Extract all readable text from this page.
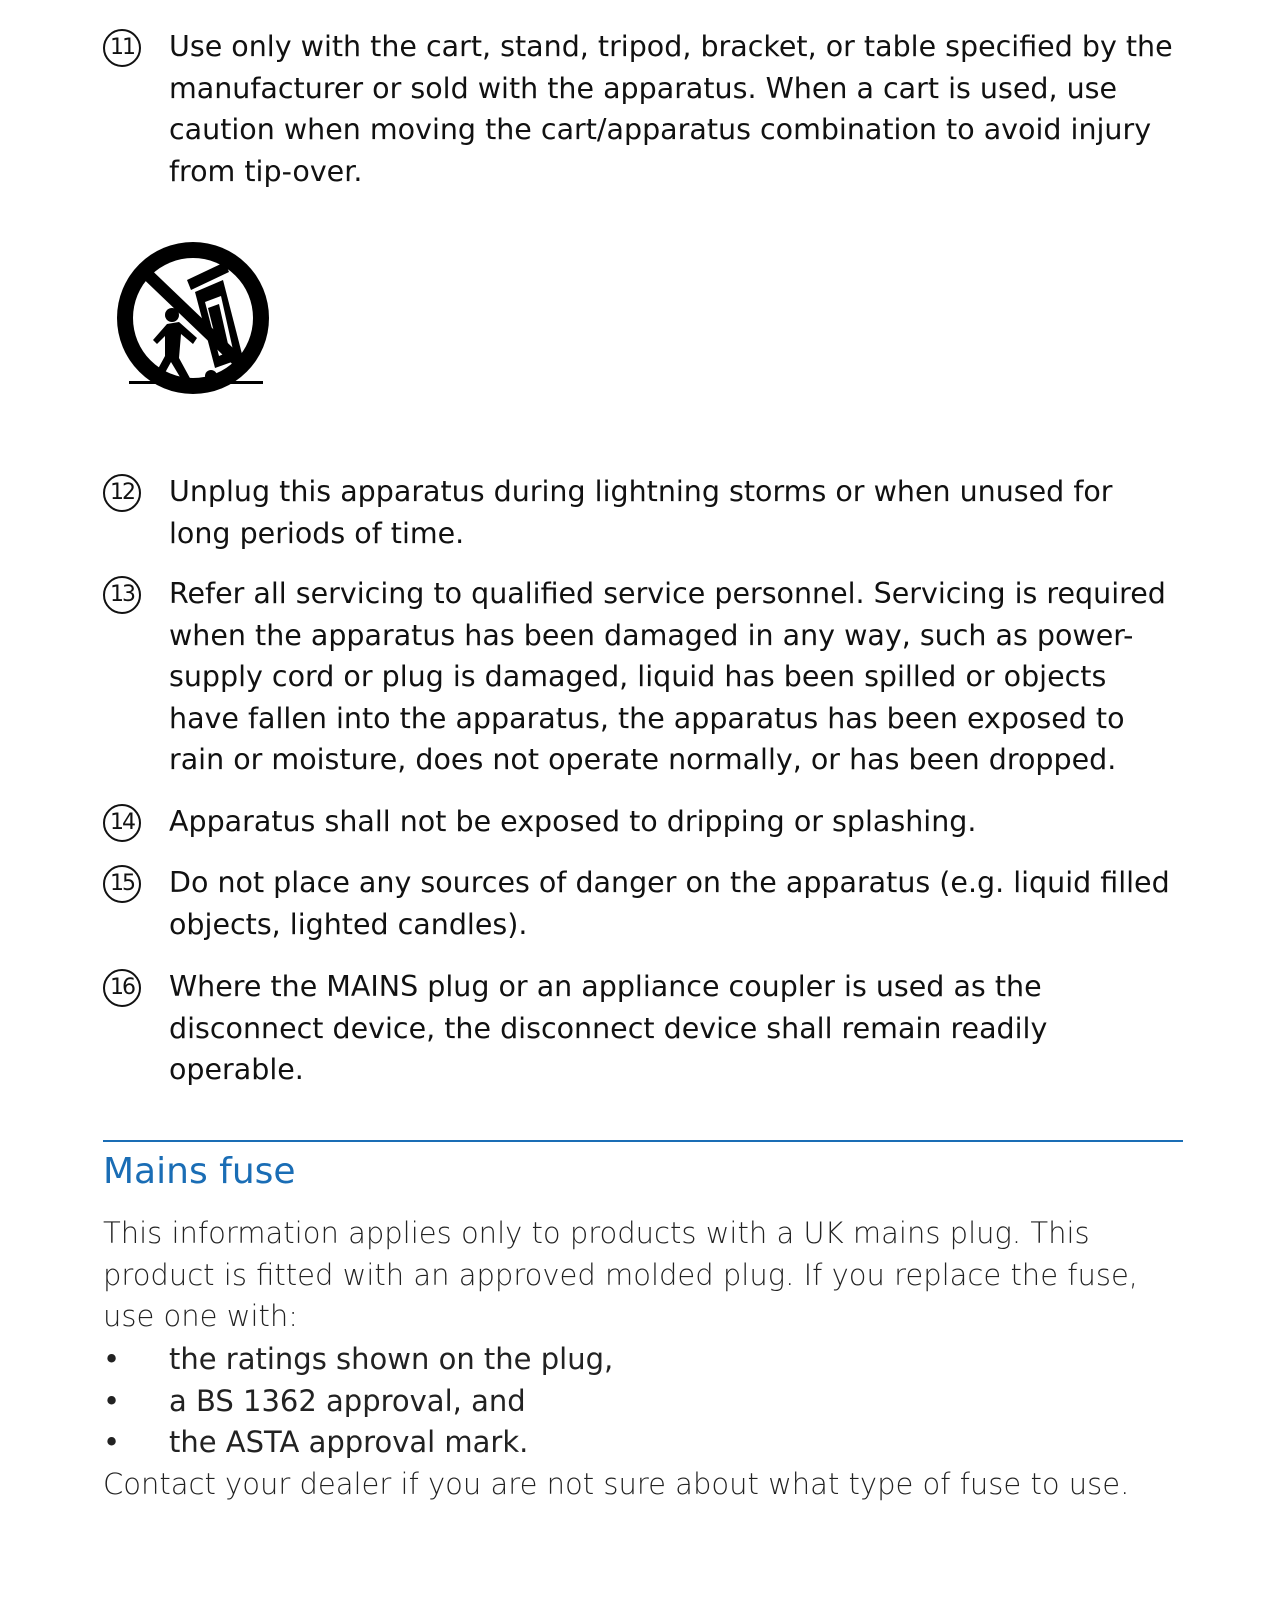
11 Use only with the cart, stand, tripod, bracket, or table specified by the manufacturer or sold with the apparatus. When a cart is used, use caution when moving the cart/apparatus combination to avoid injury from tip-over.
12 Unplug this apparatus during lightning storms or when unused for long periods of time.
13 Refer all servicing to qualified service personnel. Servicing is required when the apparatus has been damaged in any way, such as power-supply cord or plug is damaged, liquid has been spilled or objects have fallen into the apparatus, the apparatus has been exposed to rain or moisture, does not operate normally, or has been dropped.
14 Apparatus shall not be exposed to dripping or splashing.
15 Do not place any sources of danger on the apparatus (e.g. liquid filled objects, lighted candles).
16 Where the MAINS plug or an appliance coupler is used as the disconnect device, the disconnect device shall remain readily operable.
Mains fuse
This information applies only to products with a UK mains plug. This product is fitted with an approved molded plug. If you replace the fuse, use one with:
• the ratings shown on the plug,
• a BS 1362 approval, and
• the ASTA approval mark.
Contact your dealer if you are not sure about what type of fuse to use.
